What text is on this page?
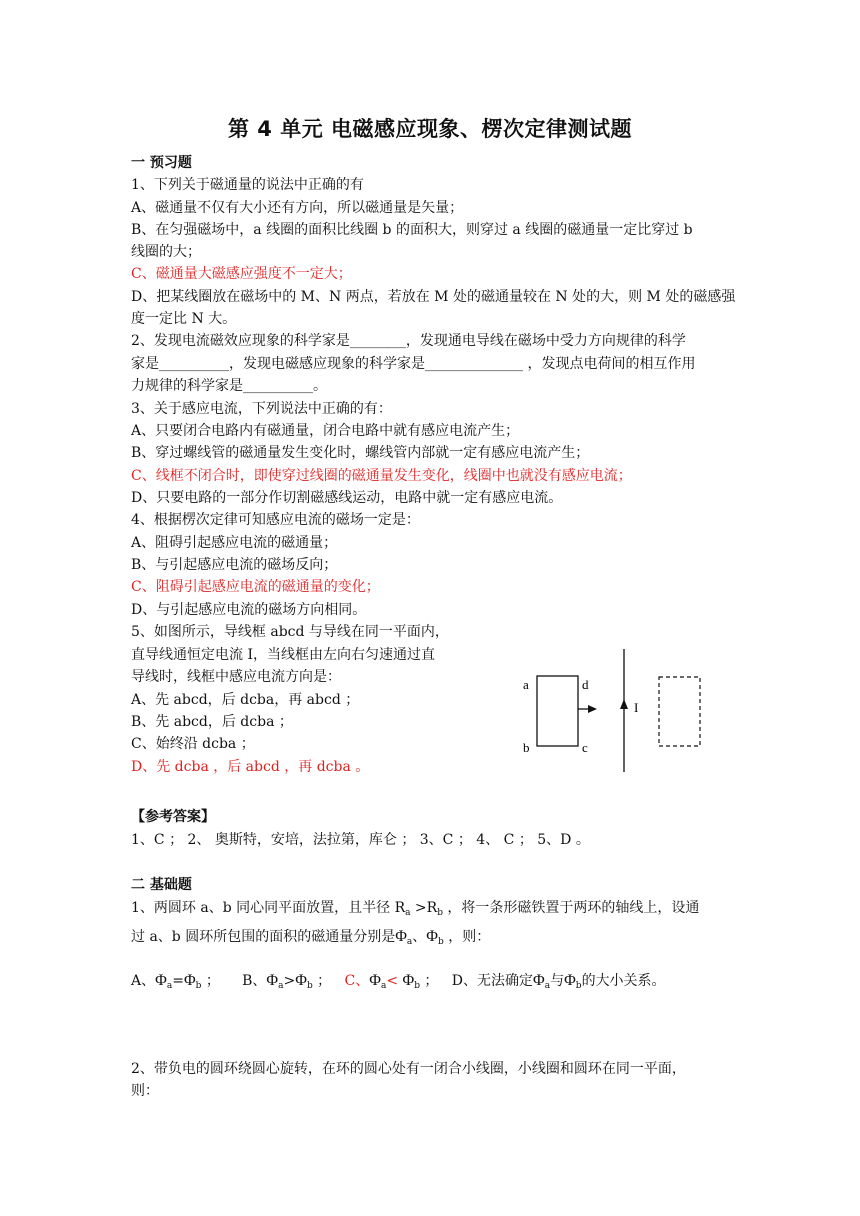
第 4 单元 电磁感应现象、楞次定律测试题
一 预习题
1、下列关于磁通量的说法中正确的有
A、磁通量不仅有大小还有方向，所以磁通量是矢量；
B、在匀强磁场中，a 线圈的面积比线圈 b 的面积大，则穿过 a 线圈的磁通量一定比穿过 b
线圈的大；
C、磁通量大磁感应强度不一定大；
D、把某线圈放在磁场中的 M、N 两点，若放在 M 处的磁通量较在 N 处的大，则 M 处的磁感强
度一定比 N 大。
2、发现电流磁效应现象的科学家是________，发现通电导线在磁场中受力方向规律的科学
家是__________，发现电磁感应现象的科学家是______________ ，发现点电荷间的相互作用
力规律的科学家是__________。
3、关于感应电流，下列说法中正确的有：
A、只要闭合电路内有磁通量，闭合电路中就有感应电流产生；
B、穿过螺线管的磁通量发生变化时，螺线管内部就一定有感应电流产生；
C、线框不闭合时，即使穿过线圈的磁通量发生变化，线圈中也就没有感应电流；
D、只要电路的一部分作切割磁感线运动，电路中就一定有感应电流。
4、根据楞次定律可知感应电流的磁场一定是：
A、阻碍引起感应电流的磁通量；
B、与引起感应电流的磁场反向；
C、阻碍引起感应电流的磁通量的变化；
D、与引起感应电流的磁场方向相同。
5、如图所示，导线框 abcd 与导线在同一平面内，
直导线通恒定电流 I，当线框由左向右匀速通过直
导线时，线框中感应电流方向是：
A、先 abcd，后 dcba，再 abcd ；
B、先 abcd，后 dcba ；
C、始终沿 dcba ；
D、先 dcba ，后 abcd ，再 dcba 。
a
b	c
d
I
【参考答案】
1、C ； 2、 奥斯特，安培，法拉第，库仑 ； 3、C ； 4、 C ； 5、D 。
二 基础题
1、两圆环 a、b 同心同平面放置，且半径 $R_a >R_b$ ，将一条形磁铁置于两环的轴线上，设通
过 a、b 圆环所包围的面积的磁通量分别是$\Phi_a$、$\Phi_b$ ，则：
A、$\Phi_a=\Phi_b$ ； B、$\Phi_a>\Phi_b$ ； C、$\Phi_a< \Phi_b$ ； D、无法确定$\Phi_a$与$\Phi_b$的大小关系。
2、带负电的圆环绕圆心旋转，在环的圆心处有一闭合小线圈，小线圈和圆环在同一平面，
则：
